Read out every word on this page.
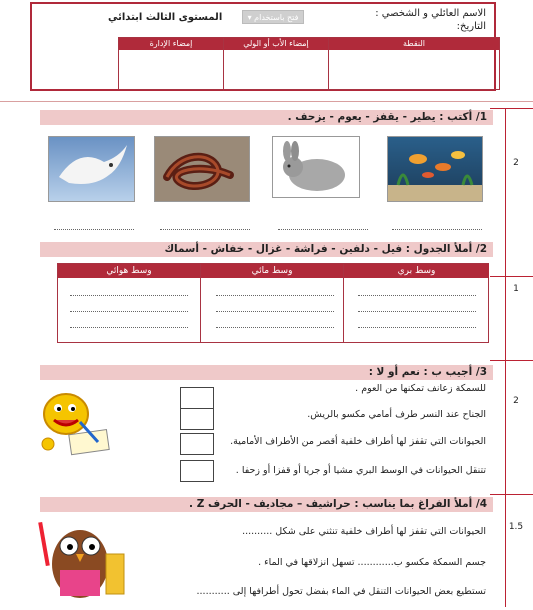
الاسم العائلي و الشخصي :
التاريخ:
المستوى الثالث ابتدائي	▾ فتح باستخدام
النقطة
إمضاء الأب أو الولي
إمضاء الإدارة
1/ أكتب : يطير - يقفز - يعوم - يزحف .
2
2/ أملأ الجدول : فيل - دلفين - فراشة - غزال - خفاش - أسماك
1
وسط بري
وسط مائي
وسط هوائي
3/ أجيب ب : نعم أو لا :
2
للسمكة زعانف تمكنها من العوم .
الجناح عند النسر طرف أمامي مكسو بالريش.
الحيوانات التي تقفز لها أطراف خلفية أقصر من الأطراف الأمامية.
تتنقل الحيوانات في الوسط البري مشيا أو جريا أو قفزا أو زحفا .
4/ أملأ الفراغ بما يناسب : حراشيف – مجاديف - الحرف Z .
1.5
الحيوانات التي تقفز لها أطراف خلفية تنثني على شكل ..........
جسم السمكة مكسو ب............ تسهل انزلاقها في الماء .
تستطيع بعض الحيوانات التنقل في الماء بفضل تحول أطرافها إلى ...........
